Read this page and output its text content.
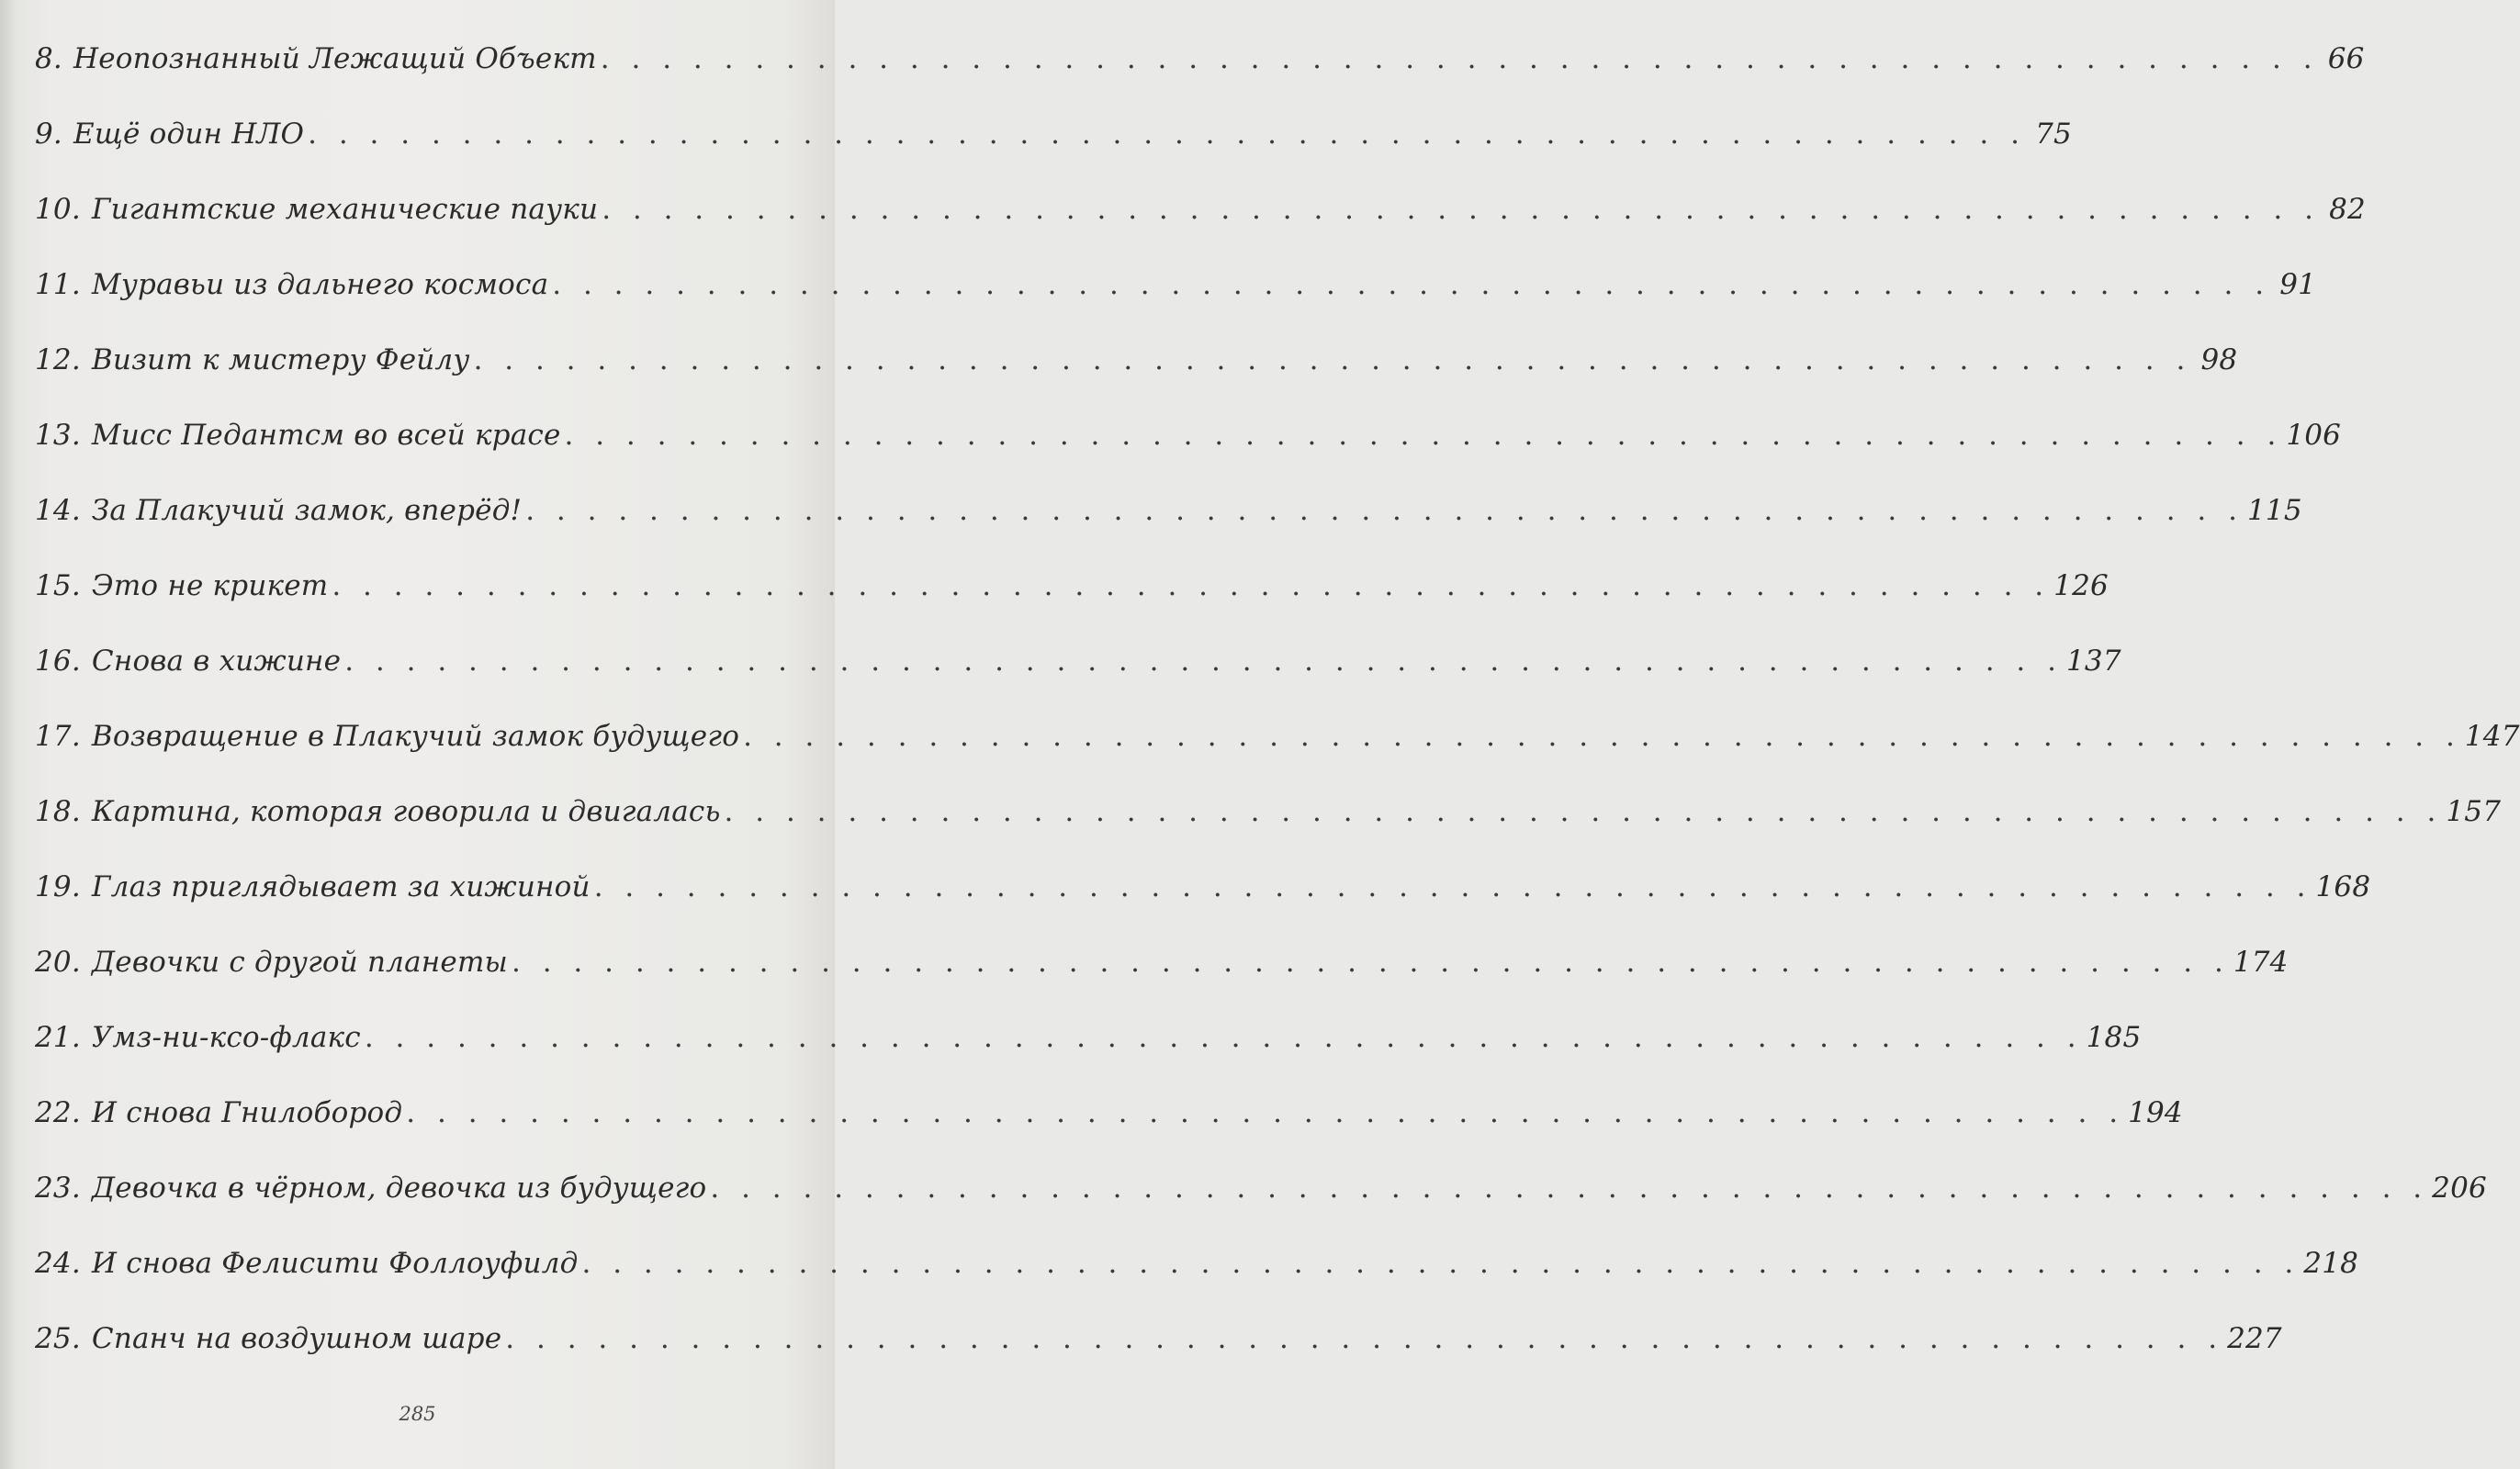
8. Неопознанный Лежащий Объект . . .	66
9. Ещё один НЛО . . .	75
10. Гигантские механические пауки . . .	82
11. Муравьи из дальнего космоса . . .	91
12. Визит к мистеру Фейлу . . .	98
13. Мисс Педантсм во всей красе . . .	106
14. За Плакучий замок, вперёд! . . .	115
15. Это не крикет . . .	126
16. Снова в хижине . . .	137
17. Возвращение в Плакучий замок будущего . . .	147
18. Картина, которая говорила и двигалась . . .	157
19. Глаз приглядывает за хижиной . . .	168
20. Девочки с другой планеты . . .	174
21. Умз-ни-ксо-флакс . . .	185
22. И снова Гнилобород . . .	194
23. Девочка в чёрном, девочка из будущего . . .	206
24. И снова Фелисити Фоллоуфилд . . .	218
25. Спанч на воздушном шаре . . .	227
285
